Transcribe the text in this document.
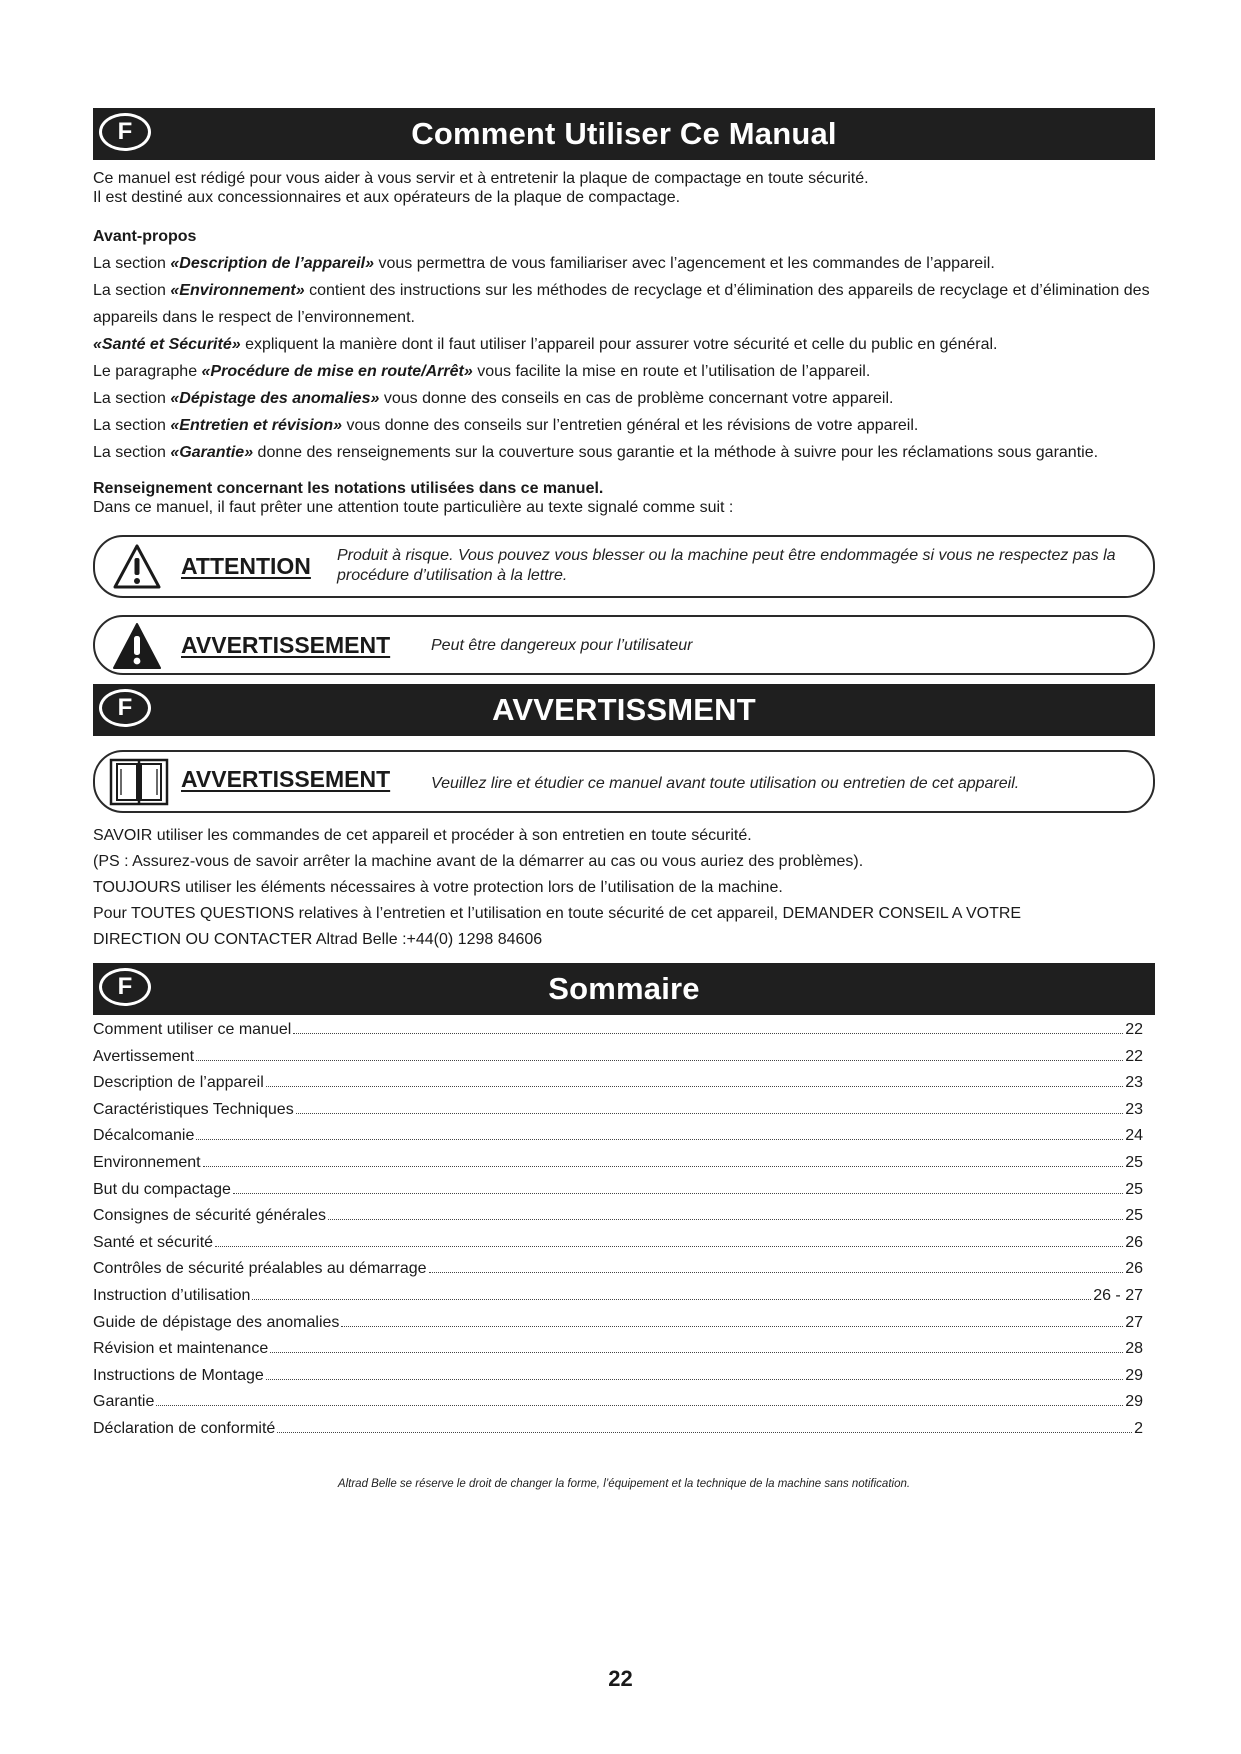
F	Comment Utiliser Ce Manual

Ce manuel est rédigé pour vous aider à vous servir et à entretenir la plaque de compactage en toute sécurité.

Il est destiné aux concessionnaires et aux opérateurs de la plaque de compactage.

Avant-propos

La section «Description de l’appareil» vous permettra de vous familiariser avec l’agencement et les commandes de l’appareil.

La section «Environnement» contient des instructions sur les méthodes de recyclage et d’élimination des appareils de recyclage et d’élimination des appareils dans le respect de l’environnement.

«Santé et Sécurité» expliquent la manière dont il faut utiliser l’appareil pour assurer votre sécurité et celle du public en général.

Le paragraphe «Procédure de mise en route/Arrêt» vous facilite la mise en route et l’utilisation de l’appareil.

La section «Dépistage des anomalies» vous donne des conseils en cas de problème concernant votre appareil.

La section «Entretien et révision» vous donne des conseils sur l’entretien général et les révisions de votre appareil.

La section «Garantie» donne des renseignements sur la couverture sous garantie et la méthode à suivre pour les réclamations sous garantie.

Renseignement concernant les notations utilisées dans ce manuel.

Dans ce manuel, il faut prêter une attention toute particulière au texte signalé comme suit :

ATTENTION Produit à risque. Vous pouvez vous blesser ou la machine peut être endommagée si vous ne respectez pas la procédure d’utilisation à la lettre.
AVVERTISSEMENT	Peut être dangereux pour l’utilisateur
F	AVVERTISSMENT
AVVERTISSEMENT	Veuillez lire et étudier ce manuel avant toute utilisation ou entretien de cet appareil.

SAVOIR utiliser les commandes de cet appareil et procéder à son entretien en toute sécurité.

(PS : Assurez-vous de savoir arrêter la machine avant de la démarrer au cas ou vous auriez des problèmes).

TOUJOURS utiliser les éléments nécessaires à votre protection lors de l’utilisation de la machine.

Pour TOUTES QUESTIONS relatives à l’entretien et l’utilisation en toute sécurité de cet appareil, DEMANDER CONSEIL A VOTRE DIRECTION OU CONTACTER Altrad Belle :+44(0) 1298 84606

F	Sommaire
Comment utiliser ce manuel	22
Avertissement	22
Description de l’appareil	23
Caractéristiques Techniques	23
Décalcomanie	24
Environnement	25
But du compactage	25
Consignes de sécurité générales	25
Santé et sécurité	26
Contrôles de sécurité préalables au démarrage	26
Instruction d’utilisation	26 - 27
Guide de dépistage des anomalies	27
Révision et maintenance	28
Instructions de Montage	29
Garantie	29
Déclaration de conformité	2
Altrad Belle se réserve le droit de changer la forme, l’équipement et la technique de la machine sans notification.
22
